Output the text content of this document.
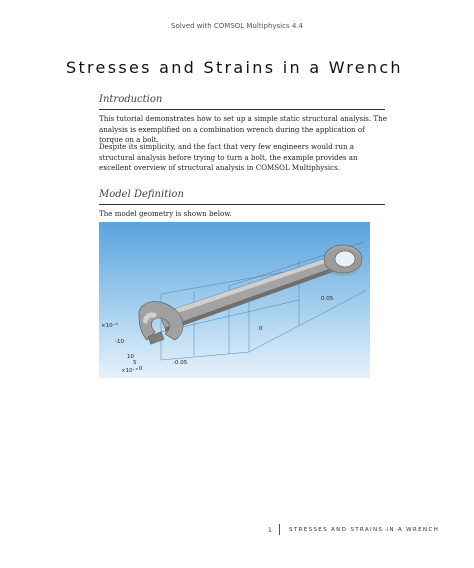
Solved with COMSOL Multiphysics 4.4
Stresses and Strains in a Wrench
Introduction
This tutorial demonstrates how to set up a simple static structural analysis. The analysis is exemplified on a combination wrench during the application of torque on a bolt.
Despite its simplicity, and the fact that very few engineers would run a structural analysis before trying to turn a bolt, the example provides an excellent overview of structural analysis in COMSOL Multiphysics.
Model Definition
The model geometry is shown below.
0.05
0
-0.05
×10⁻³
-10
10
5
0
×10⁻³
1	STRESSES AND STRAINS IN A WRENCH
